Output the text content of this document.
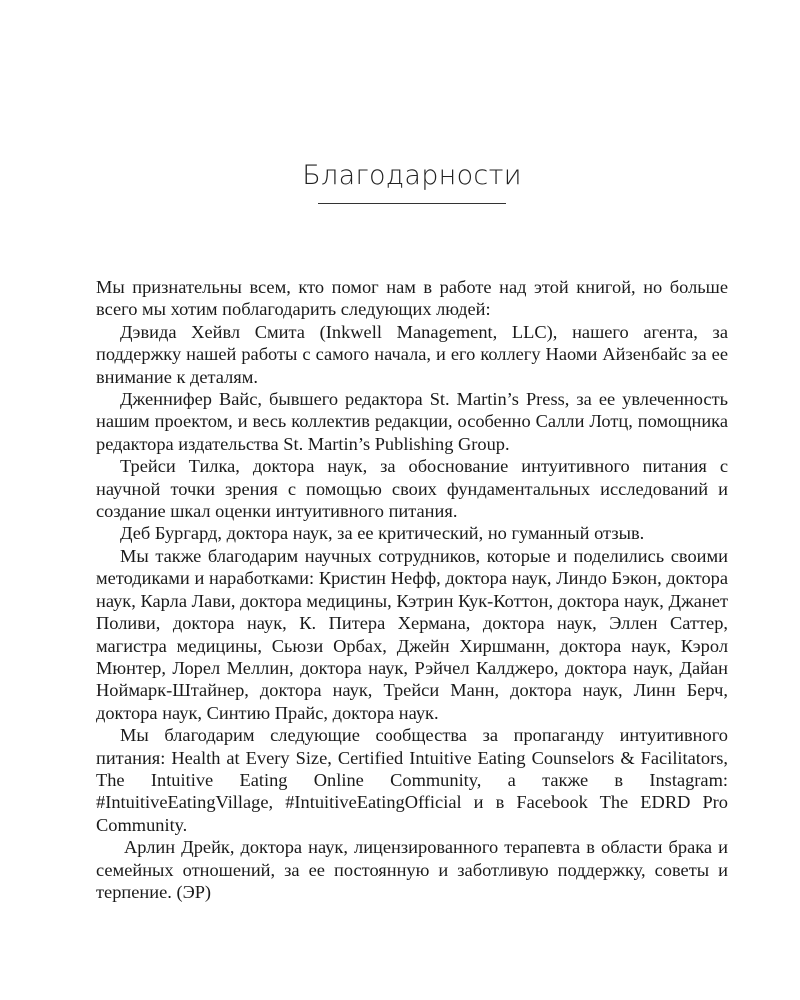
Благодарности

Мы признательны всем, кто помог нам в работе над этой книгой, но больше всего мы хотим поблагодарить следующих людей:

Дэвида Хейвл Смита (Inkwell Management, LLC), нашего агента, за поддержку нашей работы с самого начала, и его коллегу Наоми Айзенбайс за ее внимание к деталям.

Дженнифер Вайс, бывшего редактора St. Martin’s Press, за ее увлеченность нашим проектом, и весь коллектив редакции, особенно Салли Лотц, помощника редактора издательства St. Martin’s Publishing Group.

Трейси Тилка, доктора наук, за обоснование интуитивного питания с научной точки зрения с помощью своих фундаментальных исследований и создание шкал оценки интуитивного питания.

Деб Бургард, доктора наук, за ее критический, но гуманный отзыв.

Мы также благодарим научных сотрудников, которые и поделились своими методиками и наработками: Кристин Нефф, доктора наук, Линдо Бэкон, доктора наук, Карла Лави, доктора медицины, Кэтрин Кук-Коттон, доктора наук, Джанет Поливи, доктора наук, К. Питера Хермана, доктора наук, Эллен Саттер, магистра медицины, Сьюзи Орбах, Джейн Хиршманн, доктора наук, Кэрол Мюнтер, Лорел Меллин, доктора наук, Рэйчел Калджеро, доктора наук, Дайан Ноймарк-Штайнер, доктора наук, Трейси Манн, доктора наук, Линн Берч, доктора наук, Синтию Прайс, доктора наук.

Мы благодарим следующие сообщества за пропаганду интуитивного питания: Health at Every Size, Certified Intuitive Eating Counselors & Facilitators, The Intuitive Eating Online Community, а также в Instagram: #IntuitiveEatingVillage, #IntuitiveEatingOfficial и в Facebook The EDRD Pro Community.

Арлин Дрейк, доктора наук, лицензированного терапевта в области брака и семейных отношений, за ее постоянную и заботливую поддержку, советы и терпение. (ЭР)
